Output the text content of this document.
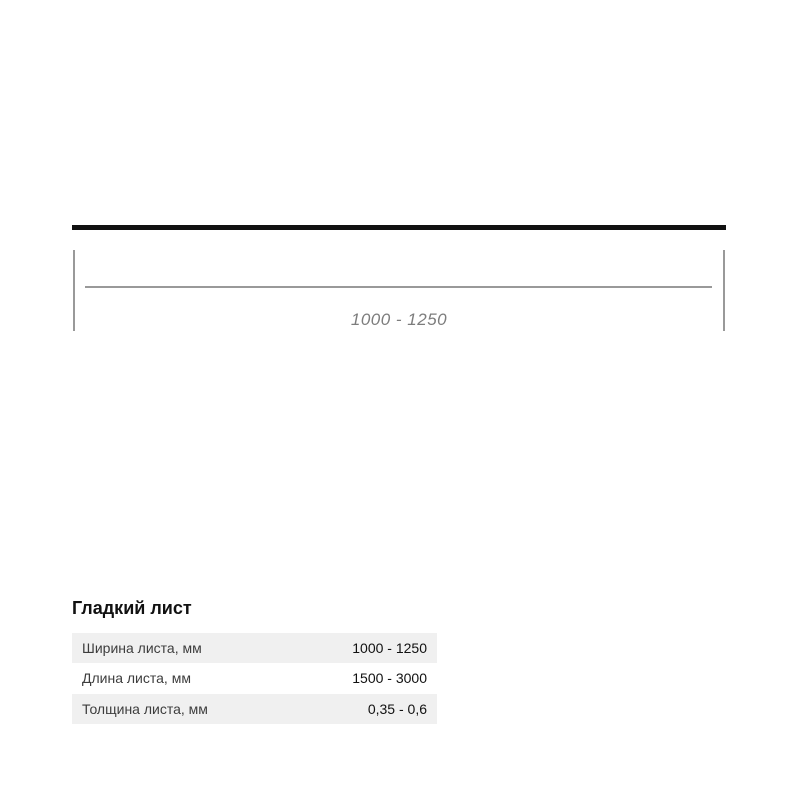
1000 - 1250
Гладкий лист
Ширина листа, мм	1000 - 1250
Длина листа, мм	1500 - 3000
Толщина листа, мм	0,35 - 0,6
